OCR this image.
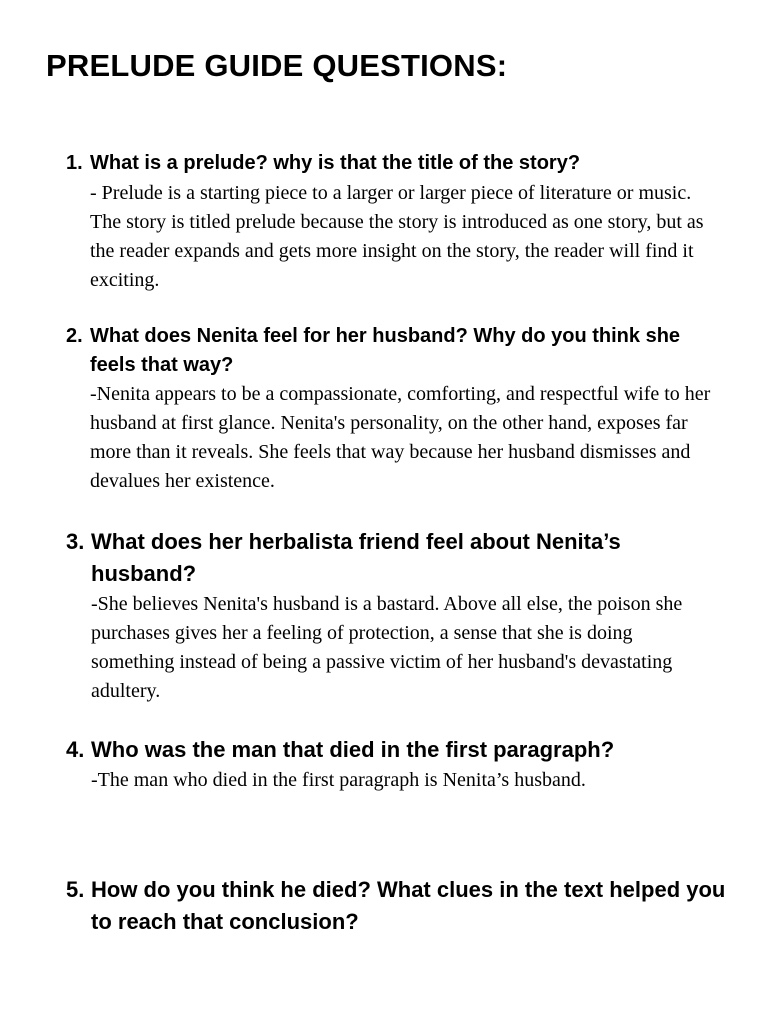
PRELUDE GUIDE QUESTIONS:
1. What is a prelude? why is that the title of the story?

- Prelude is a starting piece to a larger or larger piece of literature or music. The story is titled prelude because the story is introduced as one story, but as the reader expands and gets more insight on the story, the reader will find it exciting.

2. What does Nenita feel for her husband? Why do you think she feels that way?

-Nenita appears to be a compassionate, comforting, and respectful wife to her husband at first glance. Nenita's personality, on the other hand, exposes far more than it reveals. She feels that way because her husband dismisses and devalues her existence.

3. What does her herbalista friend feel about Nenita’s husband?

-She believes Nenita's husband is a bastard. Above all else, the poison she purchases gives her a feeling of protection, a sense that she is doing something instead of being a passive victim of her husband's devastating adultery.

4. Who was the man that died in the first paragraph?

-The man who died in the first paragraph is Nenita’s husband.

5. How do you think he died? What clues in the text helped you to reach that conclusion?
